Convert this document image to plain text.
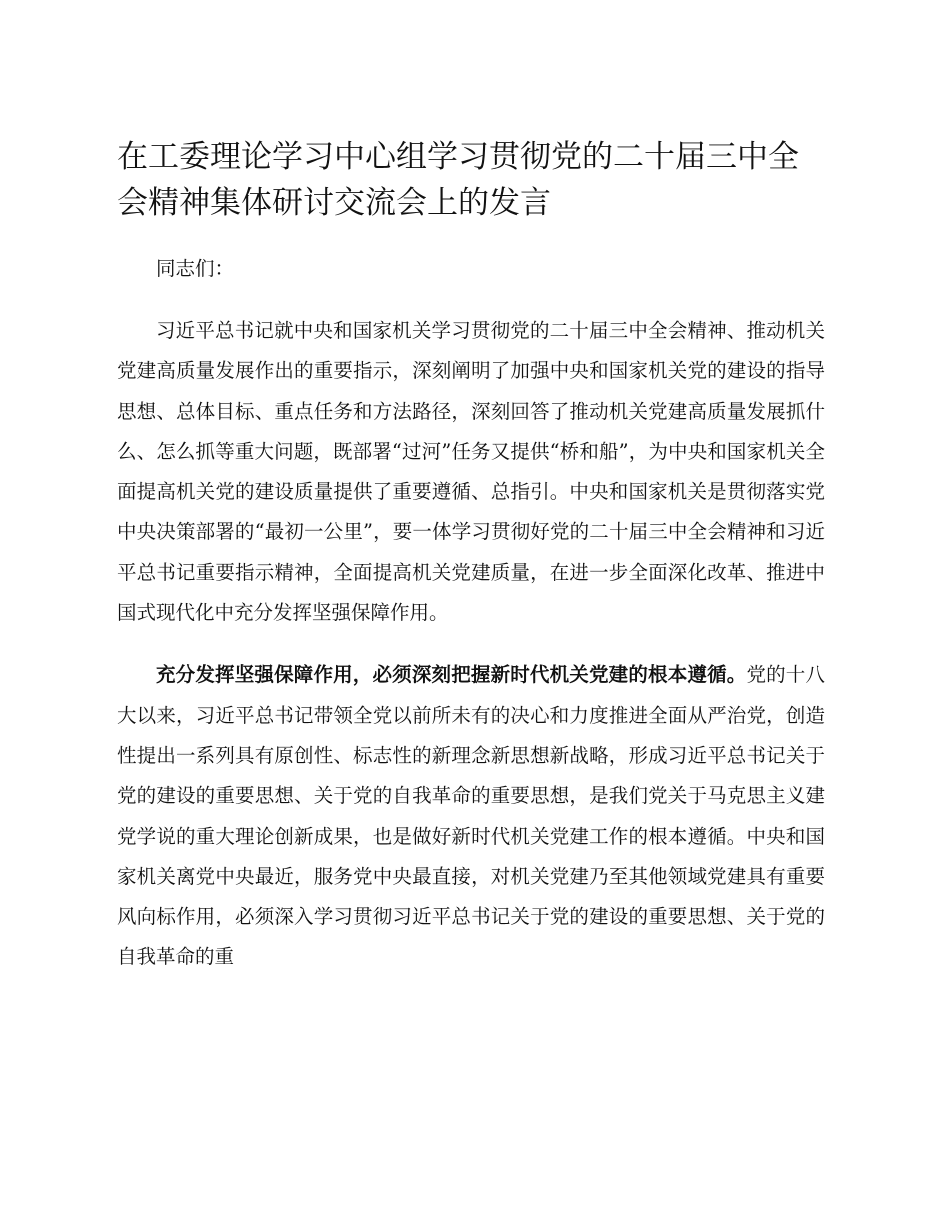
在工委理论学习中心组学习贯彻党的二十届三中全会精神集体研讨交流会上的发言

同志们：

习近平总书记就中央和国家机关学习贯彻党的二十届三中全会精神、推动机关党建高质量发展作出的重要指示，深刻阐明了加强中央和国家机关党的建设的指导思想、总体目标、重点任务和方法路径，深刻回答了推动机关党建高质量发展抓什么、怎么抓等重大问题，既部署“过河”任务又提供“桥和船”，为中央和国家机关全面提高机关党的建设质量提供了重要遵循、总指引。中央和国家机关是贯彻落实党中央决策部署的“最初一公里”，要一体学习贯彻好党的二十届三中全会精神和习近平总书记重要指示精神，全面提高机关党建质量，在进一步全面深化改革、推进中国式现代化中充分发挥坚强保障作用。

充分发挥坚强保障作用，必须深刻把握新时代机关党建的根本遵循。党的十八大以来，习近平总书记带领全党以前所未有的决心和力度推进全面从严治党，创造性提出一系列具有原创性、标志性的新理念新思想新战略，形成习近平总书记关于党的建设的重要思想、关于党的自我革命的重要思想，是我们党关于马克思主义建党学说的重大理论创新成果，也是做好新时代机关党建工作的根本遵循。中央和国家机关离党中央最近，服务党中央最直接，对机关党建乃至其他领域党建具有重要风向标作用，必须深入学习贯彻习近平总书记关于党的建设的重要思想、关于党的自我革命的重
